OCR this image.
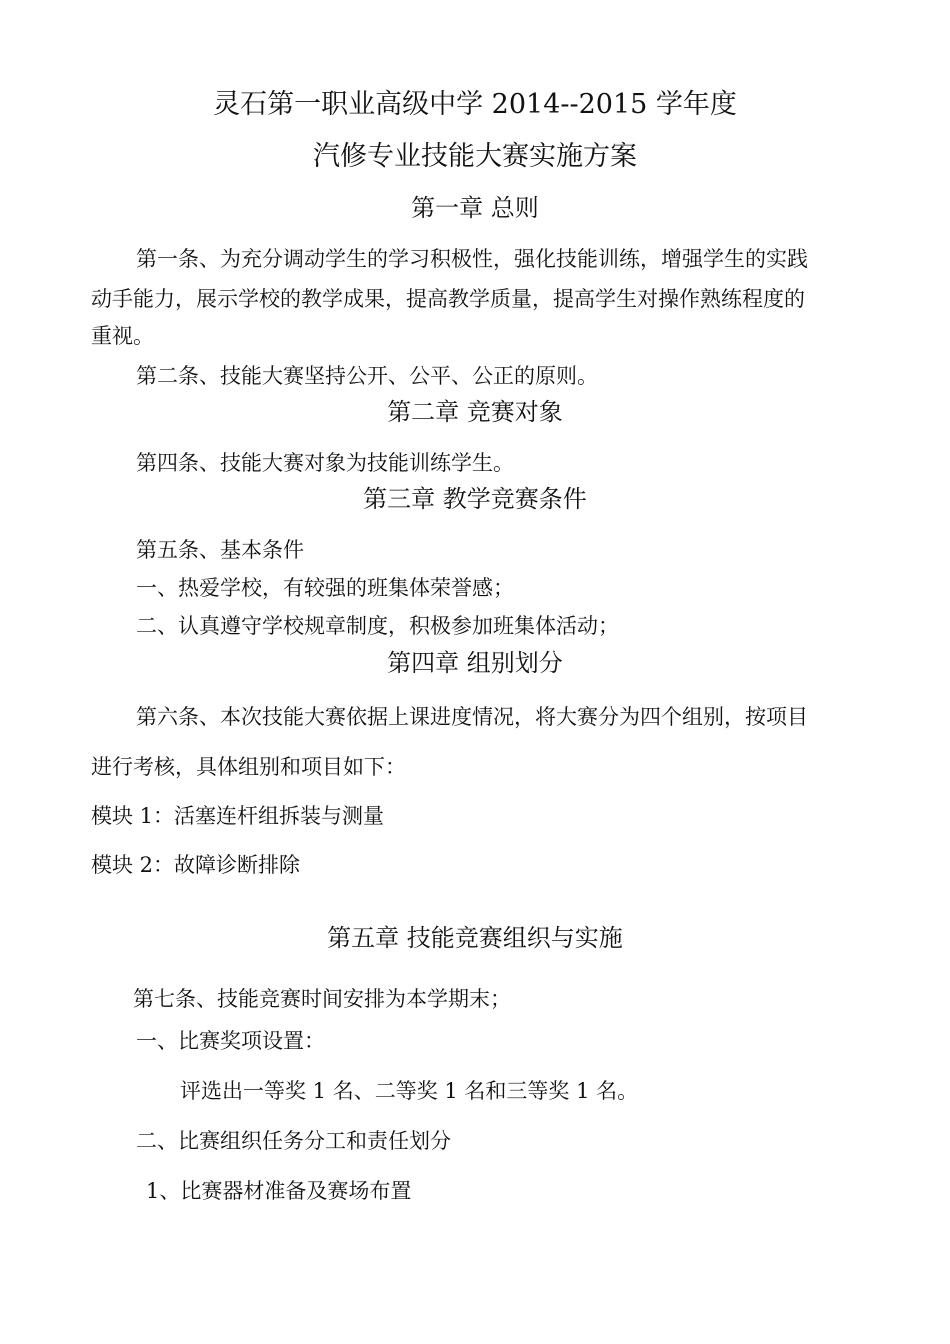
灵石第一职业高级中学 2014--2015 学年度
汽修专业技能大赛实施方案
第一章 总则
第一条、为充分调动学生的学习积极性，强化技能训练，增强学生的实践
动手能力，展示学校的教学成果，提高教学质量，提高学生对操作熟练程度的
重视。
第二条、技能大赛坚持公开、公平、公正的原则。
第二章 竞赛对象
第四条、技能大赛对象为技能训练学生。
第三章 教学竞赛条件
第五条、基本条件
一、热爱学校，有较强的班集体荣誉感；
二、认真遵守学校规章制度，积极参加班集体活动；
第四章 组别划分
第六条、本次技能大赛依据上课进度情况，将大赛分为四个组别，按项目
进行考核，具体组别和项目如下：
模块 1：活塞连杆组拆装与测量
模块 2：故障诊断排除
第五章 技能竞赛组织与实施
第七条、技能竞赛时间安排为本学期末；
一、比赛奖项设置：
评选出一等奖 1 名、二等奖 1 名和三等奖 1 名。
二、比赛组织任务分工和责任划分
1、比赛器材准备及赛场布置
